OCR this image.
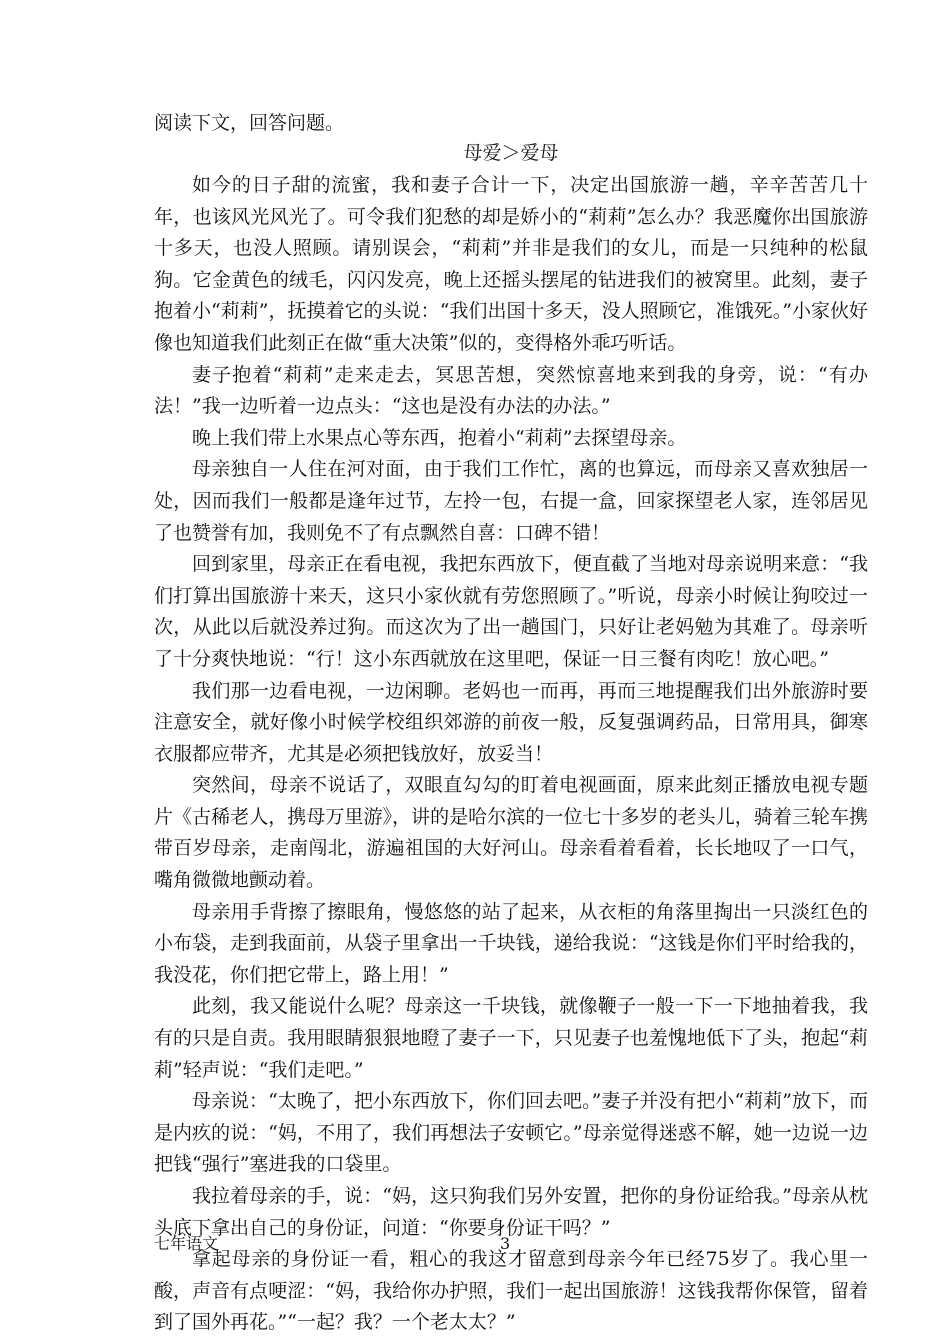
阅读下文，回答问题。

母爱＞爱母

如今的日子甜的流蜜，我和妻子合计一下，决定出国旅游一趟，辛辛苦苦几十年，也该风光风光了。可令我们犯愁的却是娇小的“莉莉”怎么办？我恶魔你出国旅游十多天，也没人照顾。请别误会，“莉莉”并非是我们的女儿，而是一只纯种的松鼠狗。它金黄色的绒毛，闪闪发亮，晚上还摇头摆尾的钻进我们的被窝里。此刻，妻子抱着小“莉莉”，抚摸着它的头说：“我们出国十多天，没人照顾它，准饿死。”小家伙好像也知道我们此刻正在做“重大决策”似的，变得格外乖巧听话。

妻子抱着“莉莉”走来走去，冥思苦想，突然惊喜地来到我的身旁，说：“有办法！”我一边听着一边点头：“这也是没有办法的办法。”

晚上我们带上水果点心等东西，抱着小“莉莉”去探望母亲。

母亲独自一人住在河对面，由于我们工作忙，离的也算远，而母亲又喜欢独居一处，因而我们一般都是逢年过节，左拎一包，右提一盒，回家探望老人家，连邻居见了也赞誉有加，我则免不了有点飘然自喜：口碑不错！

回到家里，母亲正在看电视，我把东西放下，便直截了当地对母亲说明来意：“我们打算出国旅游十来天，这只小家伙就有劳您照顾了。”听说，母亲小时候让狗咬过一次，从此以后就没养过狗。而这次为了出一趟国门，只好让老妈勉为其难了。母亲听了十分爽快地说：“行！这小东西就放在这里吧，保证一日三餐有肉吃！放心吧。”

我们那一边看电视，一边闲聊。老妈也一而再，再而三地提醒我们出外旅游时要注意安全，就好像小时候学校组织郊游的前夜一般，反复强调药品，日常用具，御寒衣服都应带齐，尤其是必须把钱放好，放妥当！

突然间，母亲不说话了，双眼直勾勾的盯着电视画面，原来此刻正播放电视专题片《古稀老人，携母万里游》，讲的是哈尔滨的一位七十多岁的老头儿，骑着三轮车携带百岁母亲，走南闯北，游遍祖国的大好河山。母亲看着看着，长长地叹了一口气，嘴角微微地颤动着。

母亲用手背擦了擦眼角，慢悠悠的站了起来，从衣柜的角落里掏出一只淡红色的小布袋，走到我面前，从袋子里拿出一千块钱，递给我说：“这钱是你们平时给我的，我没花，你们把它带上，路上用！”

此刻，我又能说什么呢？母亲这一千块钱，就像鞭子一般一下一下地抽着我，我有的只是自责。我用眼睛狠狠地瞪了妻子一下，只见妻子也羞愧地低下了头，抱起“莉莉”轻声说：“我们走吧。”

母亲说：“太晚了，把小东西放下，你们回去吧。”妻子并没有把小“莉莉”放下，而是内疚的说：“妈，不用了，我们再想法子安顿它。”母亲觉得迷惑不解，她一边说一边把钱“强行”塞进我的口袋里。

我拉着母亲的手，说：“妈，这只狗我们另外安置，把你的身份证给我。”母亲从枕头底下拿出自己的身份证，问道：“你要身份证干吗？”

拿起母亲的身份证一看，粗心的我这才留意到母亲今年已经75岁了。我心里一酸，声音有点哽涩：“妈，我给你办护照，我们一起出国旅游！这钱我帮你保管，留着到了国外再花。”“一起？我？一个老太太？”

七年语文	3
